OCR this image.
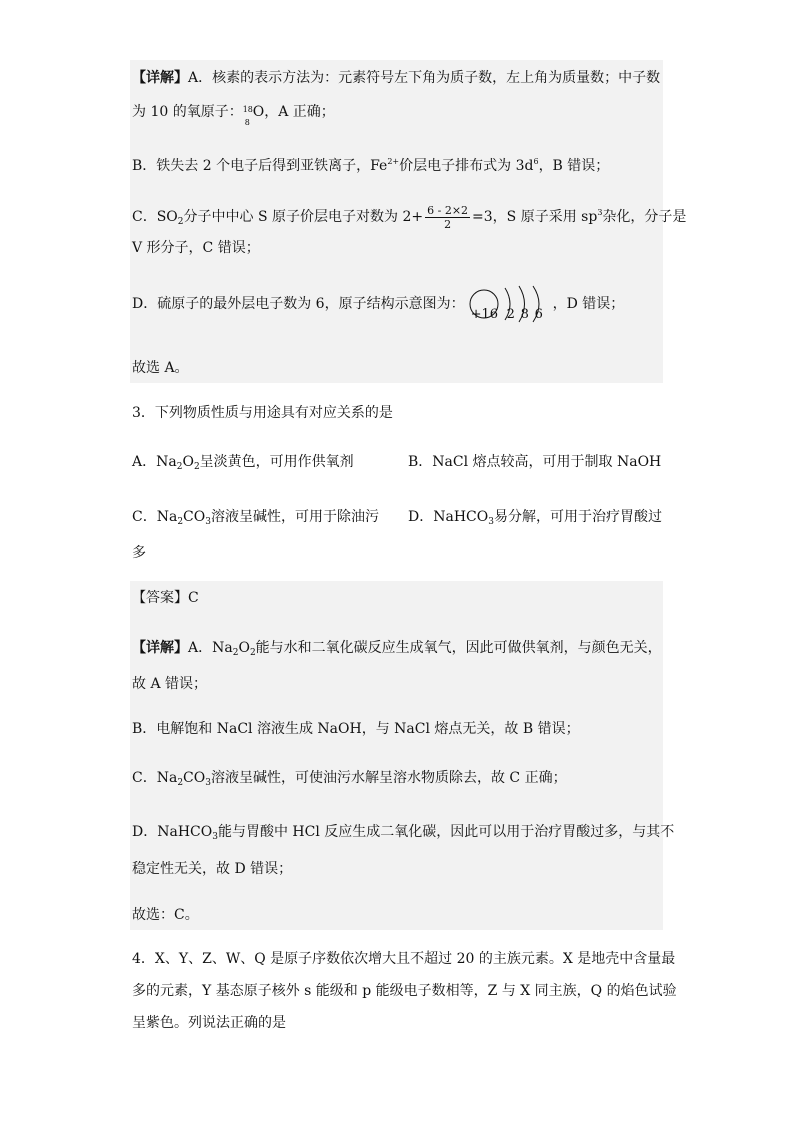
【详解】A．核素的表示方法为：元素符号左下角为质子数，左上角为质量数；中子数
为 10 的氧原子： 18
8
O，A 正确；
B．铁失去 2 个电子后得到亚铁离子，$Fe^{2+}$价层电子排布式为 $3d^6$，B 错误；
C．$SO_2$分子中中心 S 原子价层电子对数为 $2+ \frac{6 - 2\times 2}{2} =3$，S 原子采用 $sp^3$杂化，分子是
V 形分子，C 错误；
D．硫原子的最外层电子数为 6，原子结构示意图为：
+16 2 8 6
，D 错误；
故选 A。
3．下列物质性质与用途具有对应关系的是
A．$Na_2O_2$呈淡黄色，可用作供氧剂	B．NaCl 熔点较高，可用于制取 NaOH
C．$Na_2CO_3$溶液呈碱性，可用于除油污 D．NaHCO$_3$易分解，可用于治疗胃酸过
多
【答案】C
【详解】A．$Na_2O_2$能与水和二氧化碳反应生成氧气，因此可做供氧剂，与颜色无关，
故 A 错误；
B．电解饱和 NaCl 溶液生成 NaOH，与 NaCl 熔点无关，故 B 错误；
C．$Na_2CO_3$溶液呈碱性，可使油污水解呈溶水物质除去，故 C 正确；
D．NaHCO$_3$能与胃酸中 HCl 反应生成二氧化碳，因此可以用于治疗胃酸过多，与其不
稳定性无关，故 D 错误；
故选：C。
4．X、Y、Z、W、Q 是原子序数依次增大且不超过 20 的主族元素。X 是地壳中含量最
多的元素，Y 基态原子核外 s 能级和 p 能级电子数相等，Z 与 X 同主族，Q 的焰色试验
呈紫色。列说法正确的是
